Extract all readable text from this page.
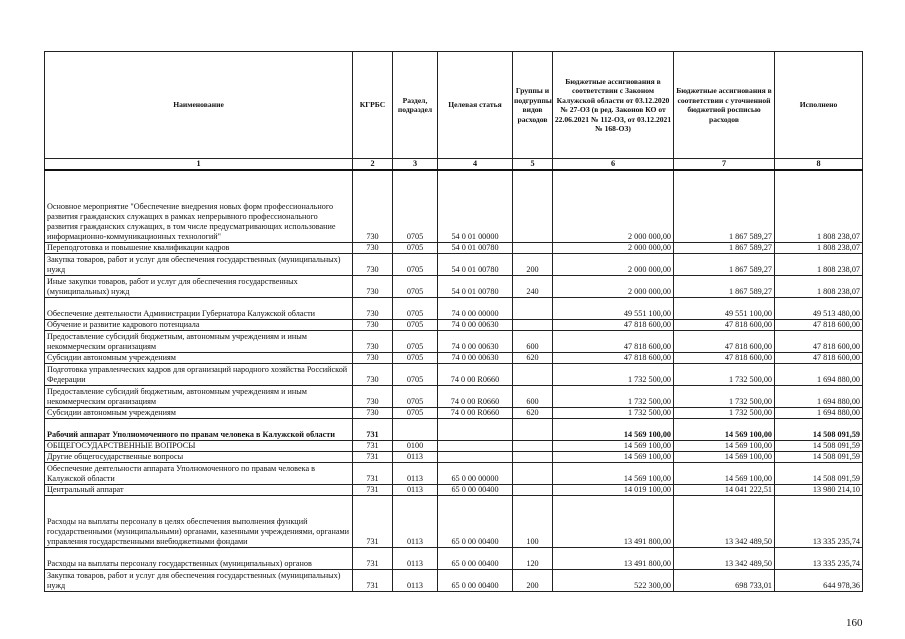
Наименование	КГРБС	Раздел, подраздел	Целевая статья	Группы и подгруппы видов расходов	Бюджетные ассигнования в соответствии с Законом Калужской области от 03.12.2020 № 27-ОЗ (в ред. Законов КО от 22.06.2021 № 112-ОЗ, от 03.12.2021 № 168-ОЗ)	Бюджетные ассигнования в соответствии с уточненной бюджетной росписью расходов	Исполнено
1	2	3	4	5	6	7	8
Основное мероприятие "Обеспечение внедрения новых форм профессионального развития гражданских служащих в рамках непрерывного профессионального развития гражданских служащих, в том числе предусматривающих использование информационно-коммуникационных технологий"	730	0705	54 0 01 00000		2 000 000,00	1 867 589,27	1 808 238,07
Переподготовка и повышение квалификации кадров	730	0705	54 0 01 00780		2 000 000,00	1 867 589,27	1 808 238,07
Закупка товаров, работ и услуг для обеспечения государственных (муниципальных) нужд	730	0705	54 0 01 00780	200	2 000 000,00	1 867 589,27	1 808 238,07
Иные закупки товаров, работ и услуг для обеспечения государственных (муниципальных) нужд	730	0705	54 0 01 00780	240	2 000 000,00	1 867 589,27	1 808 238,07
Обеспечение деятельности Администрации Губернатора Калужской области	730	0705	74 0 00 00000		49 551 100,00	49 551 100,00	49 513 480,00
Обучение и развитие кадрового потенциала	730	0705	74 0 00 00630		47 818 600,00	47 818 600,00	47 818 600,00
Предоставление субсидий бюджетным, автономным учреждениям и иным некоммерческим организациям	730	0705	74 0 00 00630	600	47 818 600,00	47 818 600,00	47 818 600,00
Субсидии автономным учреждениям	730	0705	74 0 00 00630	620	47 818 600,00	47 818 600,00	47 818 600,00
Подготовка управленческих кадров для организаций народного хозяйства Российской Федерации	730	0705	74 0 00 R0660		1 732 500,00	1 732 500,00	1 694 880,00
Предоставление субсидий бюджетным, автономным учреждениям и иным некоммерческим организациям	730	0705	74 0 00 R0660	600	1 732 500,00	1 732 500,00	1 694 880,00
Субсидии автономным учреждениям	730	0705	74 0 00 R0660	620	1 732 500,00	1 732 500,00	1 694 880,00
Рабочий аппарат Уполномоченного по правам человека в Калужской области	731				14 569 100,00	14 569 100,00	14 508 091,59
ОБЩЕГОСУДАРСТВЕННЫЕ ВОПРОСЫ	731	0100			14 569 100,00	14 569 100,00	14 508 091,59
Другие общегосударственные вопросы	731	0113			14 569 100,00	14 569 100,00	14 508 091,59
Обеспечение деятельности аппарата Уполномоченного по правам человека в Калужской области	731	0113	65 0 00 00000		14 569 100,00	14 569 100,00	14 508 091,59
Центральный аппарат	731	0113	65 0 00 00400		14 019 100,00	14 041 222,51	13 980 214,10
Расходы на выплаты персоналу в целях обеспечения выполнения функций государственными (муниципальными) органами, казенными учреждениями, органами управления государственными внебюджетными фондами	731	0113	65 0 00 00400	100	13 491 800,00	13 342 489,50	13 335 235,74
Расходы на выплаты персоналу государственных (муниципальных) органов	731	0113	65 0 00 00400	120	13 491 800,00	13 342 489,50	13 335 235,74
Закупка товаров, работ и услуг для обеспечения государственных (муниципальных) нужд	731	0113	65 0 00 00400	200	522 300,00	698 733,01	644 978,36
160
